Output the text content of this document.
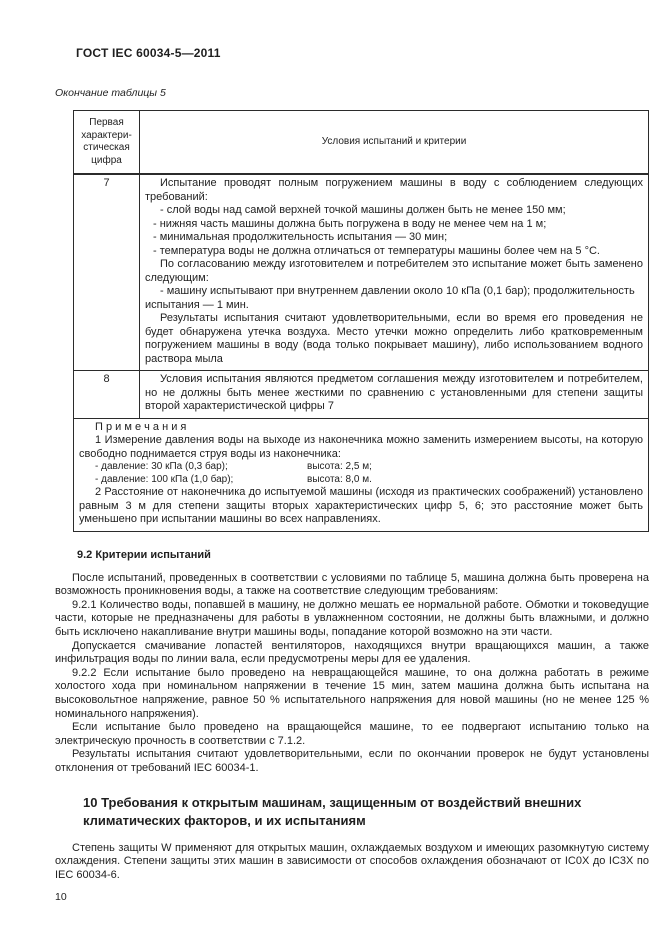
ГОСТ IEC 60034-5—2011
Окончание таблицы 5
Первая характери- стическая цифра	Условия испытаний и критерии
7	Испытание проводят полным погружением машины в воду с соблюдением следующих требований:

- слой воды над самой верхней точкой машины должен быть не менее 150 мм;

- нижняя часть машины должна быть погружена в воду не менее чем на 1 м;

- минимальная продолжительность испытания — 30 мин;

- температура воды не должна отличаться от температуры машины более чем на 5 °С.

По согласованию между изготовителем и потребителем это испытание может быть заменено следующим:

- машину испытывают при внутреннем давлении около 10 кПа (0,1 бар); продолжительность испытания — 1 мин.

Результаты испытания считают удовлетворительными, если во время его проведения не будет обнаружена утечка воздуха. Место утечки можно определить либо кратковременным погружением машины в воду (вода только покрывает машину), либо использованием водного раствора мыла

8	Условия испытания являются предметом соглашения между изготовителем и потребителем, но не должны быть менее жесткими по сравнению с установленными для степени защиты второй характеристической цифры 7

П р и м е ч а н и я

1 Измерение давления воды на выходе из наконечника можно заменить измерением высоты, на которую свободно поднимается струя воды из наконечника:

- давление: 30 кПа (0,3 бар);	высота: 2,5 м;
- давление: 100 кПа (1,0 бар);	высота: 8,0 м.

2 Расстояние от наконечника до испытуемой машины (исходя из практических соображений) установлено равным 3 м для степени защиты вторых характеристических цифр 5, 6; это расстояние может быть уменьшено при испытании машины во всех направлениях.

9.2 Критерии испытаний

После испытаний, проведенных в соответствии с условиями по таблице 5, машина должна быть проверена на возможность проникновения воды, а также на соответствие следующим требованиям:

9.2.1 Количество воды, попавшей в машину, не должно мешать ее нормальной работе. Обмотки и токоведущие части, которые не предназначены для работы в увлажненном состоянии, не должны быть влажными, и должно быть исключено накапливание внутри машины воды, попадание которой возможно на эти части.

Допускается смачивание лопастей вентиляторов, находящихся внутри вращающихся машин, а также инфильтрация воды по линии вала, если предусмотрены меры для ее удаления.

9.2.2 Если испытание было проведено на невращающейся машине, то она должна работать в режиме холостого хода при номинальном напряжении в течение 15 мин, затем машина должна быть испытана на высоковольтное напряжение, равное 50 % испытательного напряжения для новой машины (но не менее 125 % номинального напряжения).

Если испытание было проведено на вращающейся машине, то ее подвергают испытанию только на электрическую прочность в соответствии с 7.1.2.

Результаты испытания считают удовлетворительными, если по окончании проверок не будут установлены отклонения от требований IEC 60034-1.

10 Требования к открытым машинам, защищенным от воздействий внешних климатических факторов, и их испытаниям

Степень защиты W применяют для открытых машин, охлаждаемых воздухом и имеющих разомкнутую систему охлаждения. Степени защиты этих машин в зависимости от способов охлаждения обозначают от IC0X до IC3X по IEC 60034-6.

10
